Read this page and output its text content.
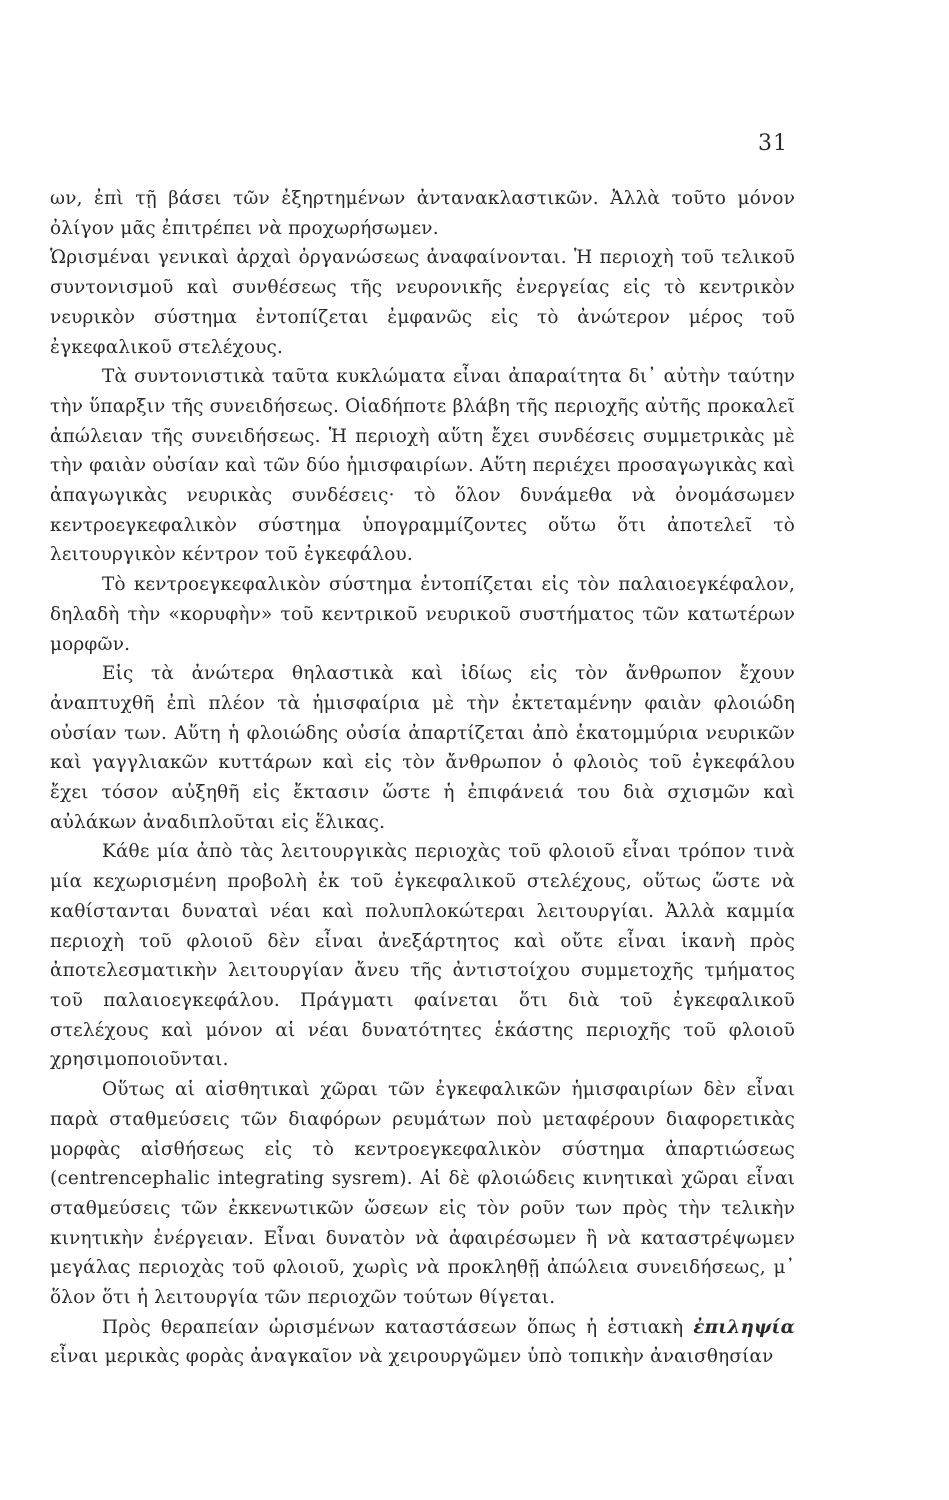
31

ων, ἐπὶ τῇ βάσει τῶν ἐξηρτημένων ἀντανακλαστικῶν. Ἀλλὰ τοῦτο μόνον ὀλίγον μᾶς ἐπιτρέπει νὰ προχωρήσωμεν.

Ὡρισμέναι γενικαὶ ἀρχαὶ ὀργανώσεως ἀναφαίνονται. Ἡ περιοχὴ τοῦ τελικοῦ συντονισμοῦ καὶ συνθέσεως τῆς νευρονικῆς ἐνεργείας εἰς τὸ κεντρικὸν νευρικὸν σύστημα ἐντοπίζεται ἐμφανῶς εἰς τὸ ἀνώτερον μέρος τοῦ ἐγκεφαλικοῦ στελέχους.

Τὰ συντονιστικὰ ταῦτα κυκλώματα εἶναι ἀπαραίτητα δι᾽ αὐτὴν ταύτην τὴν ὕπαρξιν τῆς συνειδήσεως. Οἱαδήποτε βλάβη τῆς περιοχῆς αὐτῆς προκαλεῖ ἀπώλειαν τῆς συνειδήσεως. Ἡ περιοχὴ αὕτη ἔχει συνδέσεις συμμετρικὰς μὲ τὴν φαιὰν οὐσίαν καὶ τῶν δύο ἡμισφαιρίων. Αὕτη περιέχει προσαγωγικὰς καὶ ἀπαγωγικὰς νευρικὰς συνδέσεις· τὸ ὅλον δυνάμεθα νὰ ὀνομάσωμεν κεντροεγκεφαλικὸν σύστημα ὑπογραμμίζοντες οὕτω ὅτι ἀποτελεῖ τὸ λειτουργικὸν κέντρον τοῦ ἐγκεφάλου.

Τὸ κεντροεγκεφαλικὸν σύστημα ἐντοπίζεται εἰς τὸν παλαιοεγκέφαλον, δηλαδὴ τὴν «κορυφὴν» τοῦ κεντρικοῦ νευρικοῦ συστήματος τῶν κατωτέρων μορφῶν.

Εἰς τὰ ἀνώτερα θηλαστικὰ καὶ ἰδίως εἰς τὸν ἄνθρωπον ἔχουν ἀναπτυχθῆ ἐπὶ πλέον τὰ ἡμισφαίρια μὲ τὴν ἐκτεταμένην φαιὰν φλοιώδη οὐσίαν των. Αὕτη ἡ φλοιώδης οὐσία ἀπαρτίζεται ἀπὸ ἑκατομμύρια νευρικῶν καὶ γαγγλιακῶν κυττάρων καὶ εἰς τὸν ἄνθρωπον ὁ φλοιὸς τοῦ ἐγκεφάλου ἔχει τόσον αὐξηθῆ εἰς ἔκτασιν ὥστε ἡ ἐπιφάνειά του διὰ σχισμῶν καὶ αὐλάκων ἀναδιπλοῦται εἰς ἕλικας.

Κάθε μία ἀπὸ τὰς λειτουργικὰς περιοχὰς τοῦ φλοιοῦ εἶναι τρόπον τινὰ μία κεχωρισμένη προβολὴ ἐκ τοῦ ἐγκεφαλικοῦ στελέχους, οὕτως ὥστε νὰ καθίστανται δυναταὶ νέαι καὶ πολυπλοκώτεραι λειτουργίαι. Ἀλλὰ καμμία περιοχὴ τοῦ φλοιοῦ δὲν εἶναι ἀνεξάρτητος καὶ οὔτε εἶναι ἱκανὴ πρὸς ἀποτελεσματικὴν λειτουργίαν ἄνευ τῆς ἀντιστοίχου συμμετοχῆς τμήματος τοῦ παλαιοεγκεφάλου. Πράγματι φαίνεται ὅτι διὰ τοῦ ἐγκεφαλικοῦ στελέχους καὶ μόνον αἱ νέαι δυνατότητες ἑκάστης περιοχῆς τοῦ φλοιοῦ χρησιμοποιοῦνται.

Οὕτως αἱ αἰσθητικαὶ χῶραι τῶν ἐγκεφαλικῶν ἡμισφαιρίων δὲν εἶναι παρὰ σταθμεύσεις τῶν διαφόρων ρευμάτων ποὺ μεταφέρουν διαφορετικὰς μορφὰς αἰσθήσεως εἰς τὸ κεντροεγκεφαλικὸν σύστημα ἀπαρτιώσεως (centrencephalic integrating sysrem). Αἱ δὲ φλοιώδεις κινητικαὶ χῶραι εἶναι σταθμεύσεις τῶν ἐκκενωτικῶν ὤσεων εἰς τὸν ροῦν των πρὸς τὴν τελικὴν κινητικὴν ἐνέργειαν. Εἶναι δυνατὸν νὰ ἀφαιρέσωμεν ἢ νὰ καταστρέψωμεν μεγάλας περιοχὰς τοῦ φλοιοῦ, χωρὶς νὰ προκληθῇ ἀπώλεια συνειδήσεως, μ᾽ ὅλον ὅτι ἡ λειτουργία τῶν περιοχῶν τούτων θίγεται.

Πρὸς θεραπείαν ὡρισμένων καταστάσεων ὅπως ἡ ἑστιακὴ ἐπιληψία εἶναι μερικὰς φορὰς ἀναγκαῖον νὰ χειρουργῶμεν ὑπὸ τοπικὴν ἀναισθησίαν
